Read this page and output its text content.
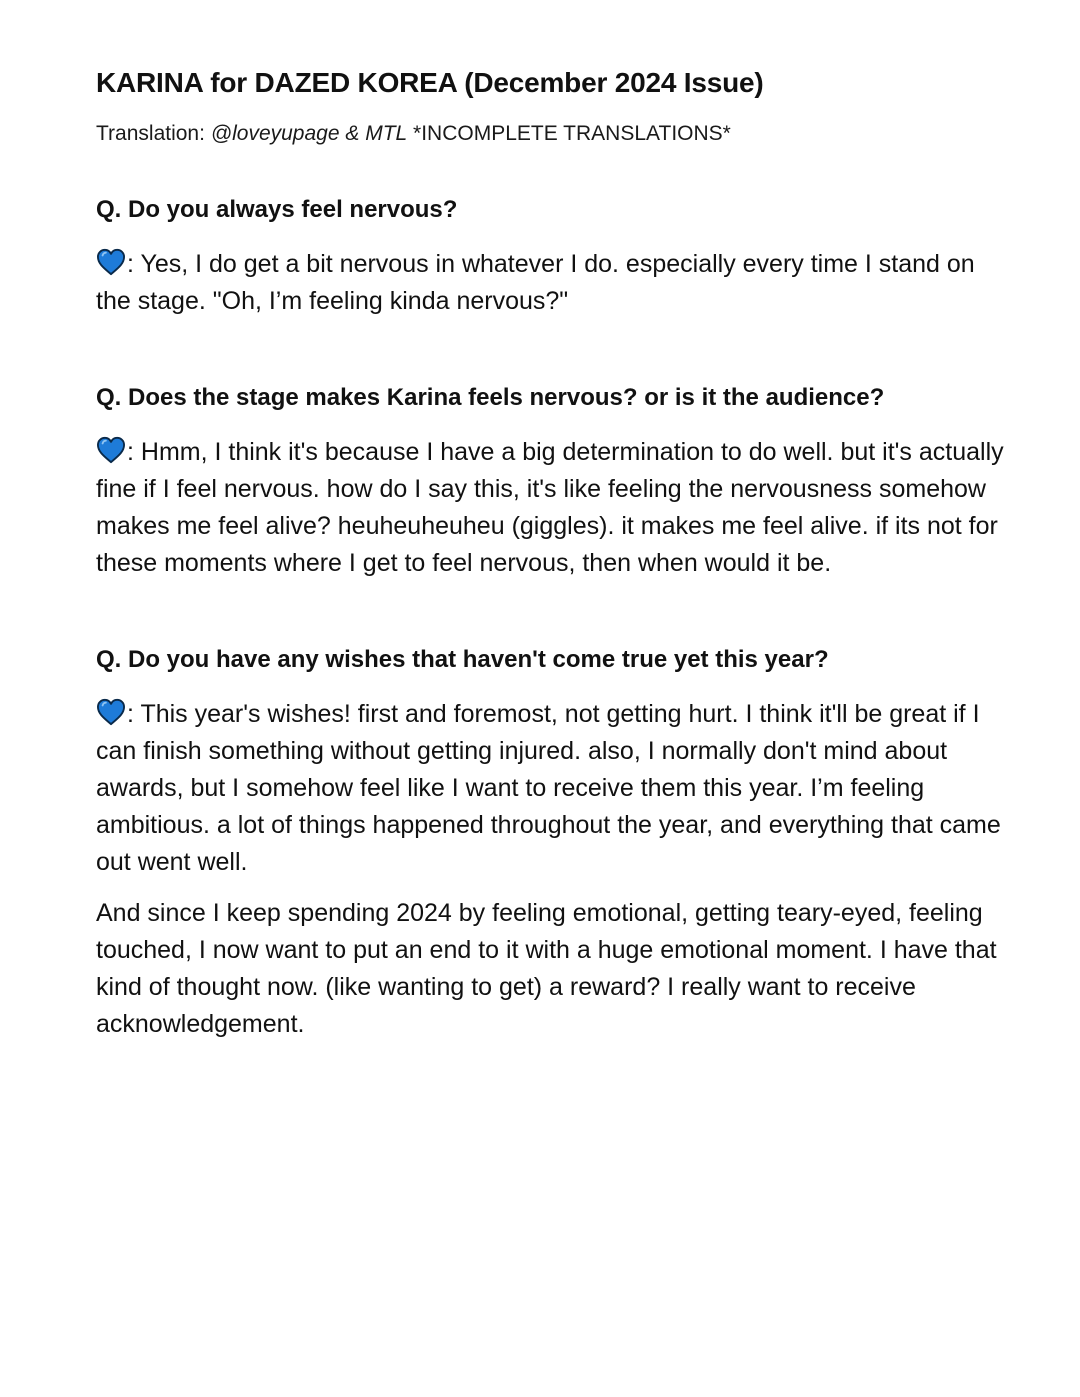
KARINA for DAZED KOREA (December 2024 Issue)
Translation: @loveyupage & MTL *INCOMPLETE TRANSLATIONS*

Q. Do you always feel nervous?

: Yes, I do get a bit nervous in whatever I do. especially every time I stand on the stage. "Oh, I’m feeling kinda nervous?"

Q. Does the stage makes Karina feels nervous? or is it the audience?

: Hmm, I think it's because I have a big determination to do well. but it's actually fine if I feel nervous. how do I say this, it's like feeling the nervousness somehow makes me feel alive? heuheuheuheu (giggles). it makes me feel alive. if its not for these moments where I get to feel nervous, then when would it be.

Q. Do you have any wishes that haven't come true yet this year?

: This year's wishes! first and foremost, not getting hurt. I think it'll be great if I can finish something without getting injured. also, I normally don't mind about awards, but I somehow feel like I want to receive them this year. I’m feeling ambitious. a lot of things happened throughout the year, and everything that came out went well.

And since I keep spending 2024 by feeling emotional, getting teary-eyed, feeling touched, I now want to put an end to it with a huge emotional moment. I have that kind of thought now. (like wanting to get) a reward? I really want to receive acknowledgement.
